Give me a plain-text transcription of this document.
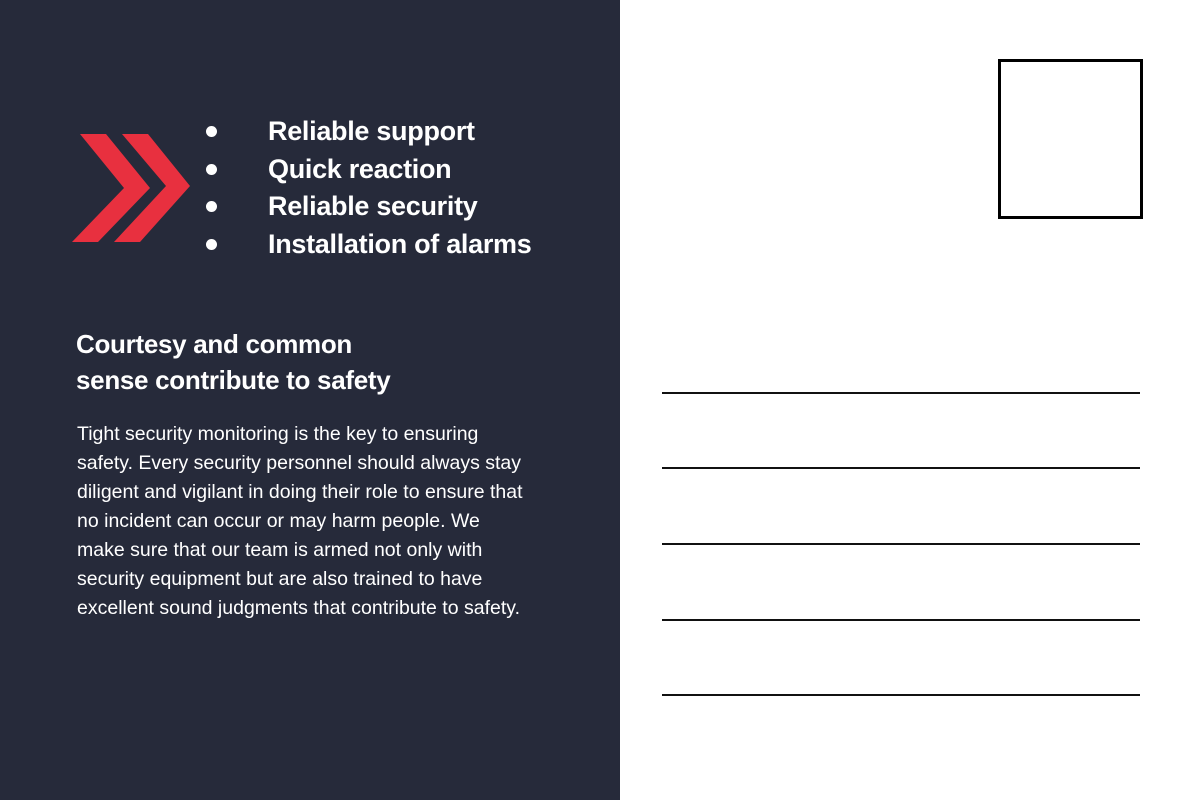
Reliable support
Quick reaction
Reliable security
Installation of alarms
Courtesy and common
sense contribute to safety

Tight security monitoring is the key to ensuring safety. Every security personnel should always stay diligent and vigilant in doing their role to ensure that no incident can occur or may harm people. We make sure that our team is armed not only with security equipment but are also trained to have excellent sound judgments that contribute to safety.
